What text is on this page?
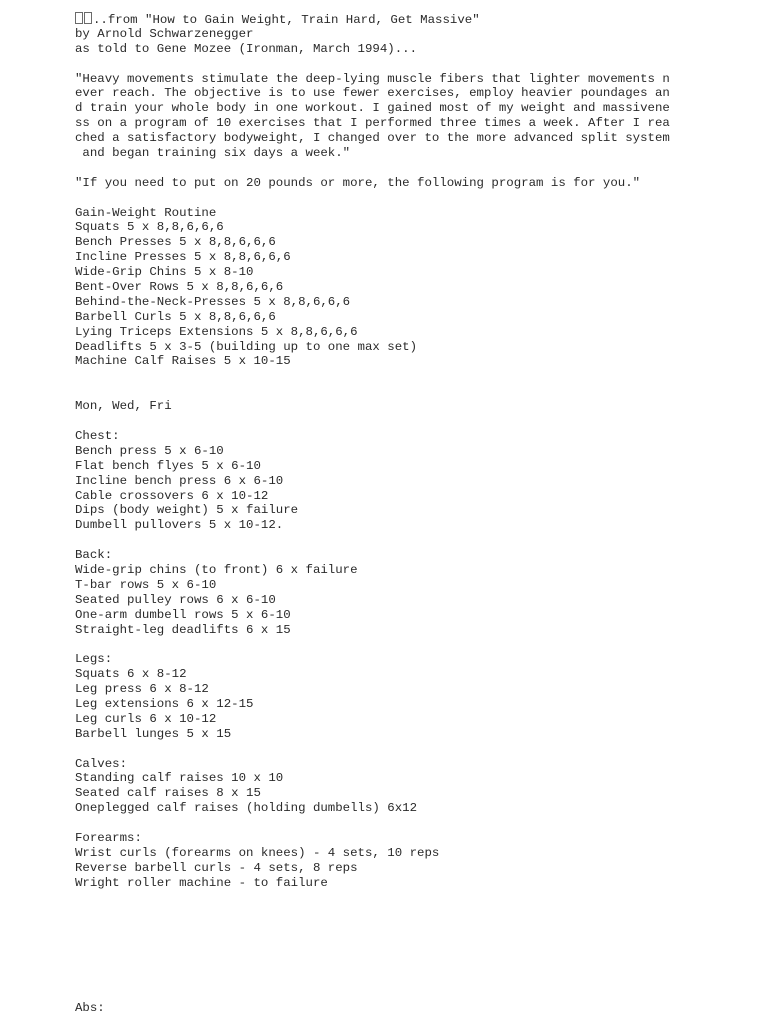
..from "How to Gain Weight, Train Hard, Get Massive"
by Arnold Schwarzenegger
as told to Gene Mozee (Ironman, March 1994)...
"Heavy movements stimulate the deep-lying muscle fibers that lighter movements n
ever reach. The objective is to use fewer exercises, employ heavier poundages an
d train your whole body in one workout. I gained most of my weight and massivene
ss on a program of 10 exercises that I performed three times a week. After I rea
ched a satisfactory bodyweight, I changed over to the more advanced split system
and began training six days a week."
"If you need to put on 20 pounds or more, the following program is for you."
Gain-Weight Routine
Squats 5 x 8,8,6,6,6
Bench Presses 5 x 8,8,6,6,6
Incline Presses 5 x 8,8,6,6,6
Wide-Grip Chins 5 x 8-10
Bent-Over Rows 5 x 8,8,6,6,6
Behind-the-Neck-Presses 5 x 8,8,6,6,6
Barbell Curls 5 x 8,8,6,6,6
Lying Triceps Extensions 5 x 8,8,6,6,6
Deadlifts 5 x 3-5 (building up to one max set)
Machine Calf Raises 5 x 10-15
Mon, Wed, Fri
Chest:
Bench press 5 x 6-10
Flat bench flyes 5 x 6-10
Incline bench press 6 x 6-10
Cable crossovers 6 x 10-12
Dips (body weight) 5 x failure
Dumbell pullovers 5 x 10-12.
Back:
Wide-grip chins (to front) 6 x failure
T-bar rows 5 x 6-10
Seated pulley rows 6 x 6-10
One-arm dumbell rows 5 x 6-10
Straight-leg deadlifts 6 x 15
Legs:
Squats 6 x 8-12
Leg press 6 x 8-12
Leg extensions 6 x 12-15
Leg curls 6 x 10-12
Barbell lunges 5 x 15
Calves:
Standing calf raises 10 x 10
Seated calf raises 8 x 15
Oneplegged calf raises (holding dumbells) 6x12
Forearms:
Wrist curls (forearms on knees) - 4 sets, 10 reps
Reverse barbell curls - 4 sets, 8 reps
Wright roller machine - to failure
Abs:
